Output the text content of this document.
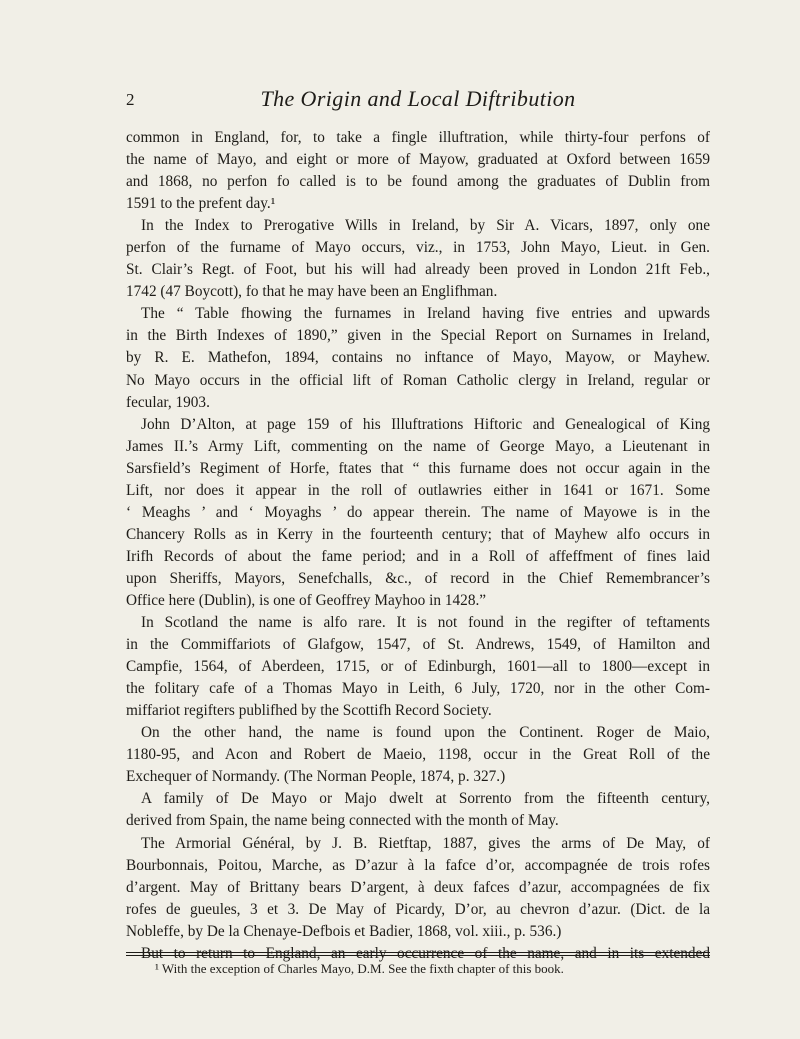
2	The Origin and Local Diftribution
common in England, for, to take a fingle illuftration, while thirty-four perfons of
the name of Mayo, and eight or more of Mayow, graduated at Oxford between 1659
and 1868, no perfon fo called is to be found among the graduates of Dublin from
1591 to the prefent day.¹
In the Index to Prerogative Wills in Ireland, by Sir A. Vicars, 1897, only one
perfon of the furname of Mayo occurs, viz., in 1753, John Mayo, Lieut. in Gen.
St. Clair’s Regt. of Foot, but his will had already been proved in London 21ft Feb.,
1742 (47 Boycott), fo that he may have been an Englifhman.
The “ Table fhowing the furnames in Ireland having five entries and upwards
in the Birth Indexes of 1890,” given in the Special Report on Surnames in Ireland,
by R. E. Mathefon, 1894, contains no inftance of Mayo, Mayow, or Mayhew.
No Mayo occurs in the official lift of Roman Catholic clergy in Ireland, regular or
fecular, 1903.
John D’Alton, at page 159 of his Illuftrations Hiftoric and Genealogical of King
James II.’s Army Lift, commenting on the name of George Mayo, a Lieutenant in
Sarsfield’s Regiment of Horfe, ftates that “ this furname does not occur again in the
Lift, nor does it appear in the roll of outlawries either in 1641 or 1671. Some
‘ Meaghs ’ and ‘ Moyaghs ’ do appear therein. The name of Mayowe is in the
Chancery Rolls as in Kerry in the fourteenth century; that of Mayhew alfo occurs in
Irifh Records of about the fame period; and in a Roll of affeffment of fines laid
upon Sheriffs, Mayors, Senefchalls, &c., of record in the Chief Remembrancer’s
Office here (Dublin), is one of Geoffrey Mayhoo in 1428.”
In Scotland the name is alfo rare. It is not found in the regifter of teftaments
in the Commiffariots of Glafgow, 1547, of St. Andrews, 1549, of Hamilton and
Campfie, 1564, of Aberdeen, 1715, or of Edinburgh, 1601—all to 1800—except in
the folitary cafe of a Thomas Mayo in Leith, 6 July, 1720, nor in the other Com-
miffariot regifters publifhed by the Scottifh Record Society.
On the other hand, the name is found upon the Continent. Roger de Maio,
1180-95, and Acon and Robert de Maeio, 1198, occur in the Great Roll of the
Exchequer of Normandy. (The Norman People, 1874, p. 327.)
A family of De Mayo or Majo dwelt at Sorrento from the fifteenth century,
derived from Spain, the name being connected with the month of May.
The Armorial Général, by J. B. Rietftap, 1887, gives the arms of De May, of
Bourbonnais, Poitou, Marche, as D’azur à la fafce d’or, accompagnée de trois rofes
d’argent. May of Brittany bears D’argent, à deux fafces d’azur, accompagnées de fix
rofes de gueules, 3 et 3. De May of Picardy, D’or, au chevron d’azur. (Dict. de la
Nobleffe, by De la Chenaye-Defbois et Badier, 1868, vol. xiii., p. 536.)
But to return to England, an early occurrence of the name, and in its extended
¹ With the exception of Charles Mayo, D.M. See the fixth chapter of this book.
